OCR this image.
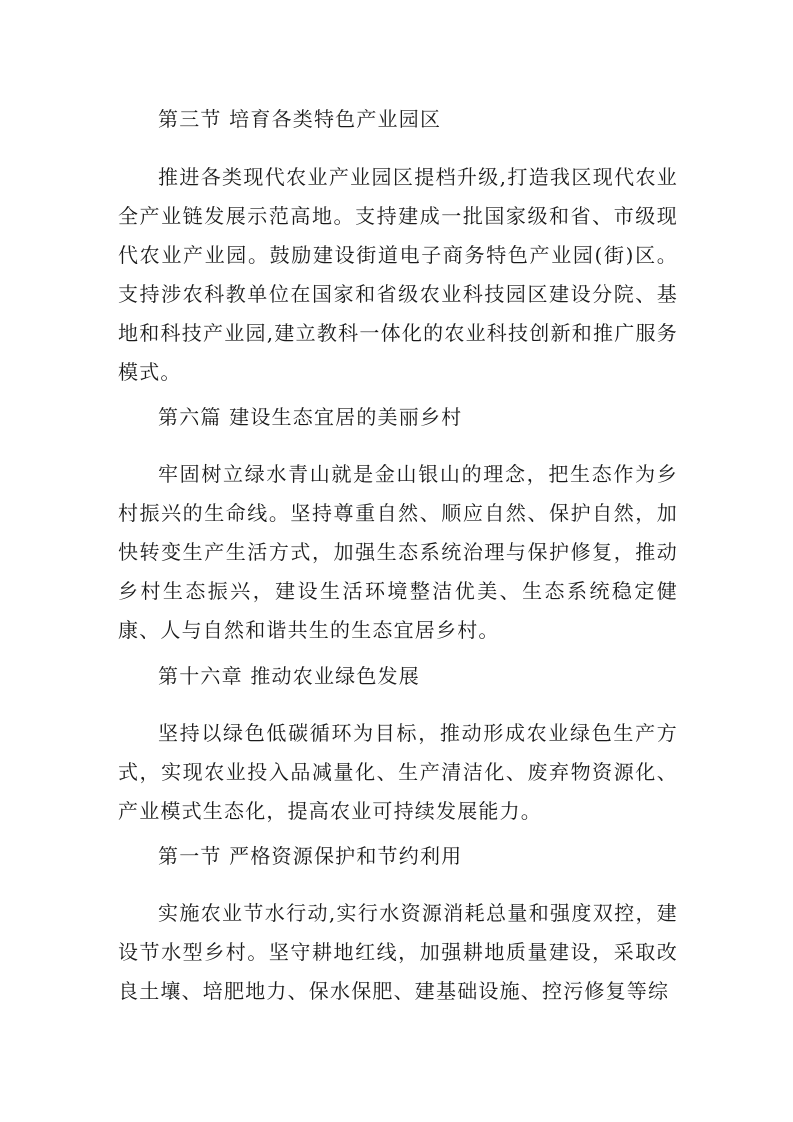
第三节 培育各类特色产业园区

推进各类现代农业产业园区提档升级,打造我区现代农业全产业链发展示范高地。支持建成一批国家级和省、市级现代农业产业园。鼓励建设街道电子商务特色产业园(街)区。支持涉农科教单位在国家和省级农业科技园区建设分院、基地和科技产业园,建立教科一体化的农业科技创新和推广服务模式。

第六篇 建设生态宜居的美丽乡村

牢固树立绿水青山就是金山银山的理念，把生态作为乡村振兴的生命线。坚持尊重自然、顺应自然、保护自然，加快转变生产生活方式，加强生态系统治理与保护修复，推动乡村生态振兴，建设生活环境整洁优美、生态系统稳定健康、人与自然和谐共生的生态宜居乡村。

第十六章 推动农业绿色发展

坚持以绿色低碳循环为目标，推动形成农业绿色生产方式，实现农业投入品减量化、生产清洁化、废弃物资源化、产业模式生态化，提高农业可持续发展能力。

第一节 严格资源保护和节约利用

实施农业节水行动,实行水资源消耗总量和强度双控，建设节水型乡村。坚守耕地红线，加强耕地质量建设，采取改良土壤、培肥地力、保水保肥、建基础设施、控污修复等综
